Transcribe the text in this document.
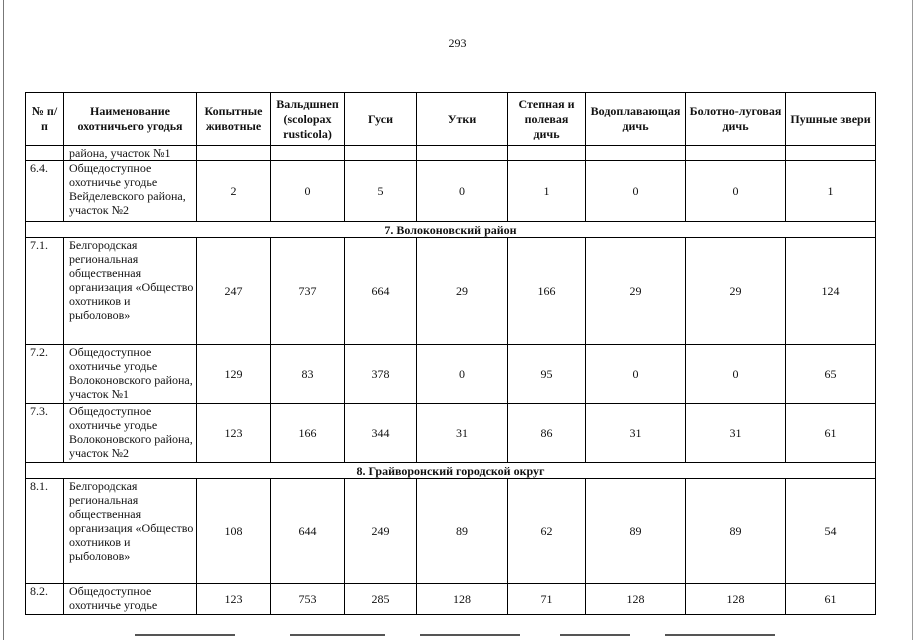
293
№ п/п	Наименование охотничьего угодья	Копытные животные	Вальдшнеп (scolopax rusticola)	Гуси	Утки	Степная и полевая дичь	Водоплавающая дичь	Болотно-луговая дичь	Пушные звери
	района, участок №1								
6.4.	Общедоступное охотничье угодье Вейделевского района, участок №2	2	0	5	0	1	0	0	1
7. Волоконовский район									
7.1.	Белгородская региональная общественная организация «Общество охотников и рыболовов»	247	737	664	29	166	29	29	124
7.2.	Общедоступное охотничье угодье Волоконовского района, участок №1	129	83	378	0	95	0	0	65
7.3.	Общедоступное охотничье угодье Волоконовского района, участок №2	123	166	344	31	86	31	31	61
8. Грайворонский городской округ									
8.1.	Белгородская региональная общественная организация «Общество охотников и рыболовов»	108	644	249	89	62	89	89	54
8.2.	Общедоступное охотничье угодье	123	753	285	128	71	128	128	61
